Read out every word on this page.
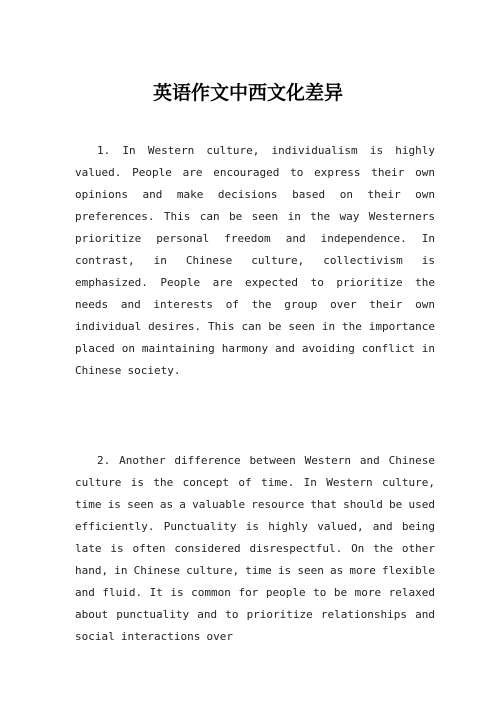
英语作文中西文化差异

1. In Western culture, individualism is highly valued. People are encouraged to express their own opinions and make decisions based on their own preferences. This can be seen in the way Westerners prioritize personal freedom and independence. In contrast, in Chinese culture, collectivism is emphasized. People are expected to prioritize the needs and interests of the group over their own individual desires. This can be seen in the importance placed on maintaining harmony and avoiding conflict in Chinese society.

2. Another difference between Western and Chinese culture is the concept of time. In Western culture, time is seen as a valuable resource that should be used efficiently. Punctuality is highly valued, and being late is often considered disrespectful. On the other hand, in Chinese culture, time is seen as more flexible and fluid. It is common for people to be more relaxed about punctuality and to prioritize relationships and social interactions over
